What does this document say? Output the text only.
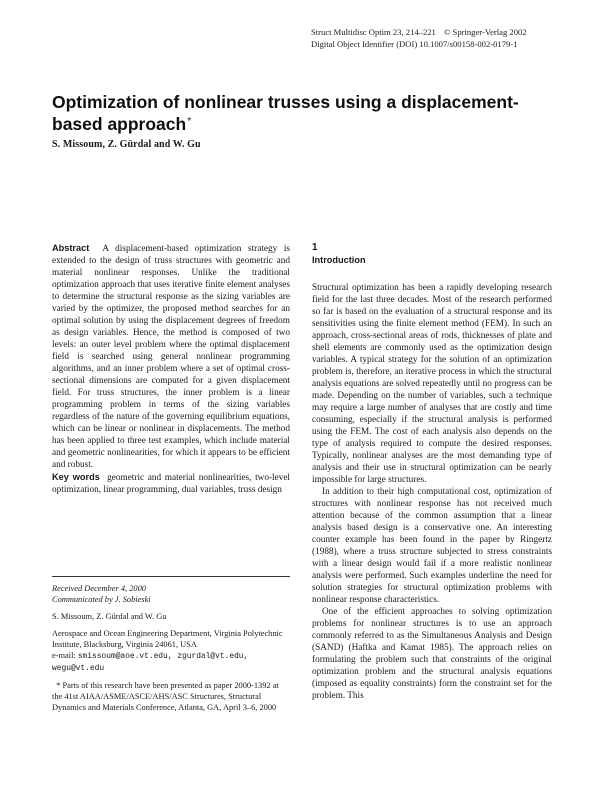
Struct Multidisc Optim 23, 214–221 © Springer-Verlag 2002
Digital Object Identifier (DOI) 10.1007/s00158-002-0179-1
Optimization of nonlinear trusses using a displacement-based approach*
S. Missoum, Z. Gürdal and W. Gu

Abstract A displacement-based optimization strategy is extended to the design of truss structures with geometric and material nonlinear responses. Unlike the traditional optimization approach that uses iterative finite element analyses to determine the structural response as the sizing variables are varied by the optimizer, the proposed method searches for an optimal solution by using the displacement degrees of freedom as design variables. Hence, the method is composed of two levels: an outer level problem where the optimal displacement field is searched using general nonlinear programming algorithms, and an inner problem where a set of optimal cross-sectional dimensions are computed for a given displacement field. For truss structures, the inner problem is a linear programming problem in terms of the sizing variables regardless of the nature of the governing equilibrium equations, which can be linear or nonlinear in displacements. The method has been applied to three test examples, which include material and geometric nonlinearities, for which it appears to be efficient and robust.

Key words geometric and material nonlinearities, two-level optimization, linear programming, dual variables, truss design

Received December 4, 2000
Communicated by J. Sobieski
S. Missoum, Z. Gürdal and W. Gu
Aerospace and Ocean Engineering Department, Virginia Polytechnic Institute, Blacksburg, Virginia 24061, USA
e-mail: smissoum@aoe.vt.edu, zgurdal@vt.edu, wegu@vt.edu
* Parts of this research have been presented as paper 2000-1392 at the 41st AIAA/ASME/ASCE/AHS/ASC Structures, Structural Dynamics and Materials Conference, Atlanta, GA, April 3–6, 2000
1
Introduction

Structural optimization has been a rapidly developing research field for the last three decades. Most of the research performed so far is based on the evaluation of a structural response and its sensitivities using the finite element method (FEM). In such an approach, cross-sectional areas of rods, thicknesses of plate and shell elements are commonly used as the optimization design variables. A typical strategy for the solution of an optimization problem is, therefore, an iterative process in which the structural analysis equations are solved repeatedly until no progress can be made. Depending on the number of variables, such a technique may require a large number of analyses that are costly and time consuming, especially if the structural analysis is performed using the FEM. The cost of each analysis also depends on the type of analysis required to compute the desired responses. Typically, nonlinear analyses are the most demanding type of analysis and their use in structural optimization can be nearly impossible for large structures.

In addition to their high computational cost, optimization of structures with nonlinear response has not received much attention because of the common assumption that a linear analysis based design is a conservative one. An interesting counter example has been found in the paper by Ringertz (1988), where a truss structure subjected to stress constraints with a linear design would fail if a more realistic nonlinear analysis were performed. Such examples underline the need for solution strategies for structural optimization problems with nonlinear response characteristics.

One of the efficient approaches to solving optimization problems for nonlinear structures is to use an approach commonly referred to as the Simultaneous Analysis and Design (SAND) (Haftka and Kamat 1985). The approach relies on formulating the problem such that constraints of the original optimization problem and the structural analysis equations (imposed as equality constraints) form the constraint set for the problem. This
